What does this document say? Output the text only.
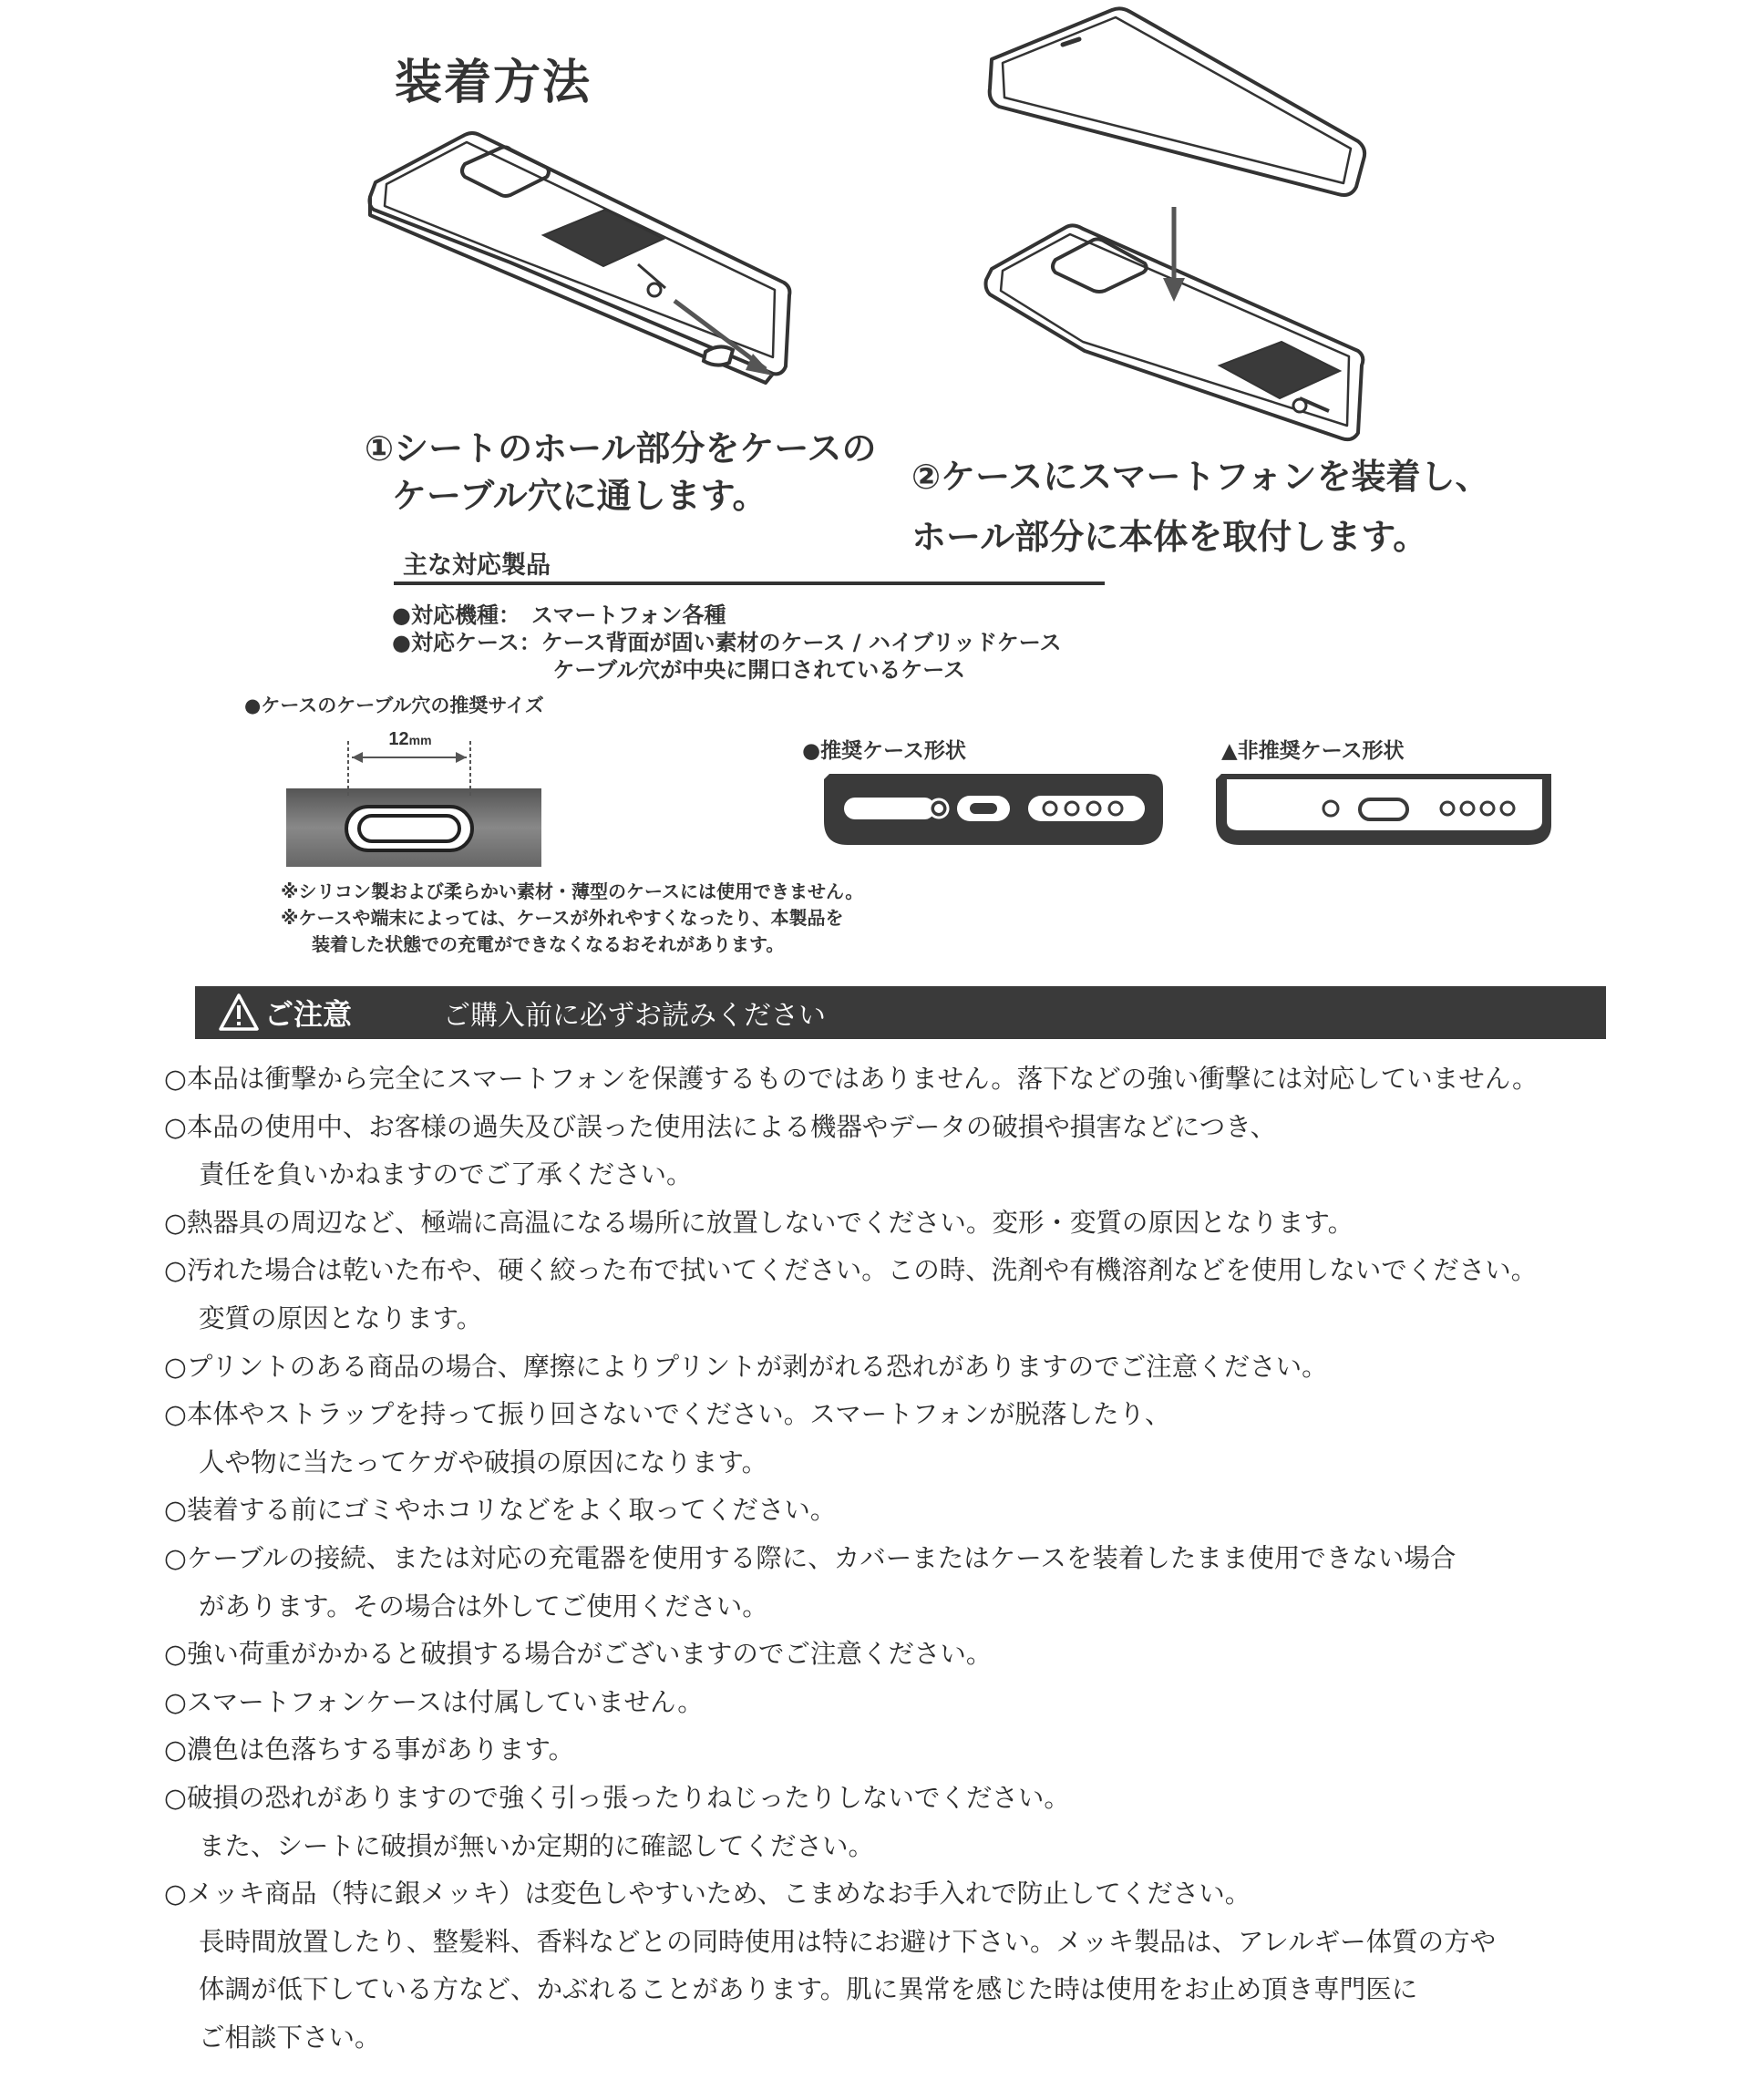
装着方法
①シートのホール部分をケースの
ケーブル穴に通します。	②ケースにスマートフォンを装着し、
ホール部分に本体を取付します。
主な対応製品
●対応機種：　スマートフォン各種
●対応ケース：ケース背面が固い素材のケース / ハイブリッドケース
　　　　　　　 ケーブル穴が中央に開口されているケース
●ケースのケーブル穴の推奨サイズ
12mm	●推奨ケース形状	▲非推奨ケース形状
※シリコン製および柔らかい素材・薄型のケースには使用できません。
※ケースや端末によっては、ケースが外れやすくなったり、本製品を
装着した状態での充電ができなくなるおそれがあります。
ご注意	ご購入前に必ずお読みください
○本品は衝撃から完全にスマートフォンを保護するものではありません。落下などの強い衝撃には対応していません。
○本品の使用中、お客様の過失及び誤った使用法による機器やデータの破損や損害などにつき、
責任を負いかねますのでご了承ください。
○熱器具の周辺など、極端に高温になる場所に放置しないでください。変形・変質の原因となります。
○汚れた場合は乾いた布や、硬く絞った布で拭いてください。この時、洗剤や有機溶剤などを使用しないでください。
変質の原因となります。
○プリントのある商品の場合、摩擦によりプリントが剥がれる恐れがありますのでご注意ください。
○本体やストラップを持って振り回さないでください。スマートフォンが脱落したり、
人や物に当たってケガや破損の原因になります。
○装着する前にゴミやホコリなどをよく取ってください。
○ケーブルの接続、または対応の充電器を使用する際に、カバーまたはケースを装着したまま使用できない場合
があります。その場合は外してご使用ください。
○強い荷重がかかると破損する場合がございますのでご注意ください。
○スマートフォンケースは付属していません。
○濃色は色落ちする事があります。
○破損の恐れがありますので強く引っ張ったりねじったりしないでください。
また、シートに破損が無いか定期的に確認してください。
○メッキ商品（特に銀メッキ）は変色しやすいため、こまめなお手入れで防止してください。
長時間放置したり、整髪料、香料などとの同時使用は特にお避け下さい。メッキ製品は、アレルギー体質の方や
体調が低下している方など、かぶれることがあります。肌に異常を感じた時は使用をお止め頂き専門医に
ご相談下さい。
